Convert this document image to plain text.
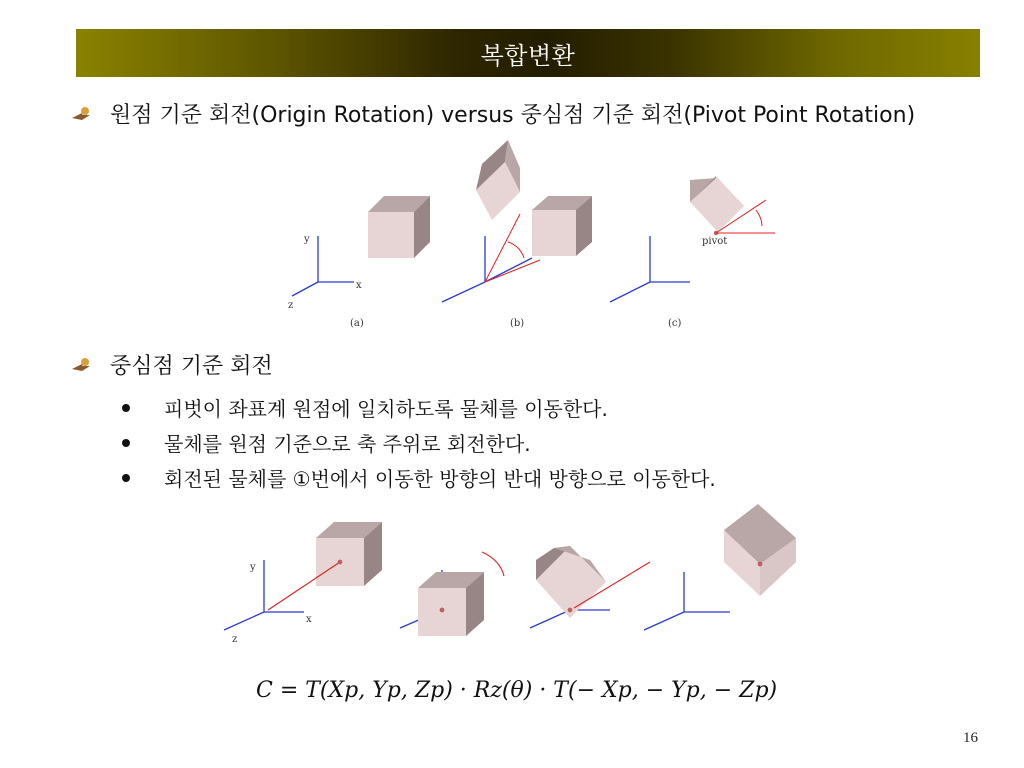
복합변환
원점 기준 회전(Origin Rotation) versus 중심점 기준 회전(Pivot Point Rotation)
y
x
z
(a)	(b)
pivot
(c)
중심점 기준 회전
피벗이 좌표계 원점에 일치하도록 물체를 이동한다.
물체를 원점 기준으로 축 주위로 회전한다.
회전된 물체를 ①번에서 이동한 방향의 반대 방향으로 이동한다.
y
x
z
C = T(Xp, Yp, Zp) · Rz(θ) · T(− Xp, − Yp, − Zp)
16
